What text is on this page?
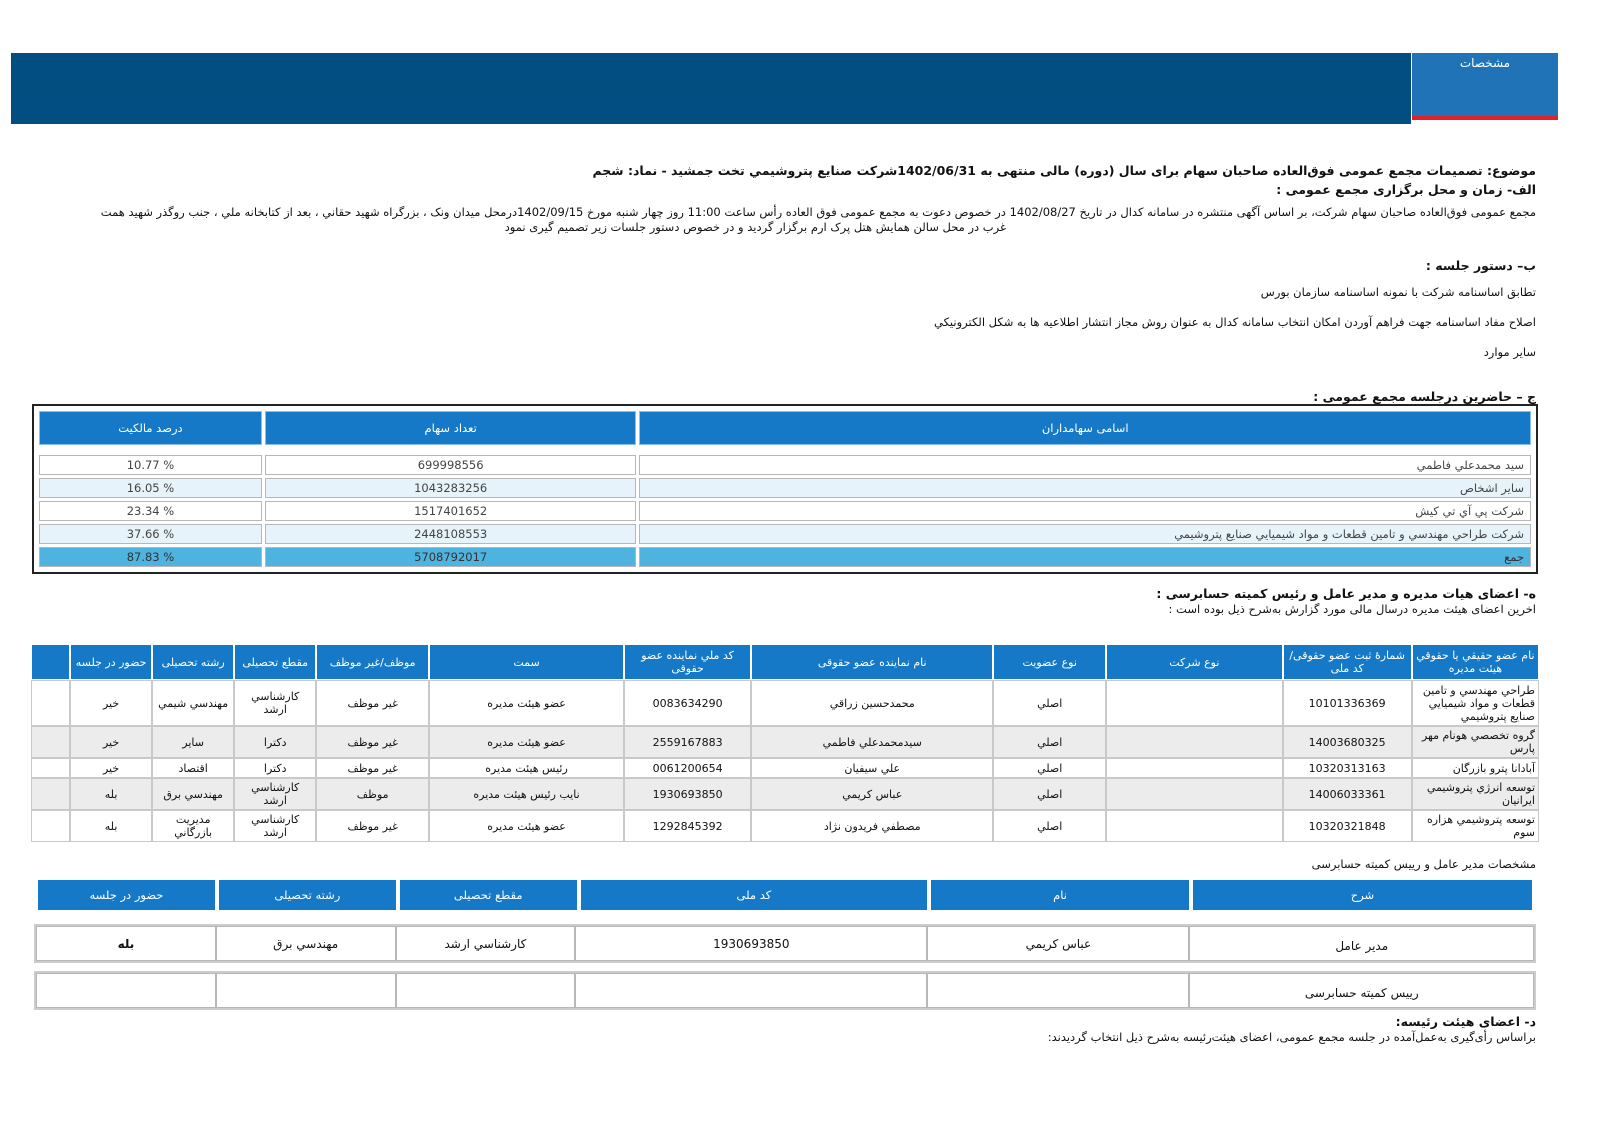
مشخصات
موضوع: تصميمات مجمع عمومی فوق‌العاده صاحبان سهام برای سال (دوره) مالی منتهی به 1402/06/31شرکت صنايع پتروشيمي تخت جمشيد - نماد: شجم
الف- زمان و محل برگزاری مجمع عمومی :
مجمع عمومی فوق‌العاده صاحبان سهام شرکت، بر اساس آگهی منتشره در سامانه کدال در تاريخ 1402/08/27 در خصوص دعوت به مجمع عمومی فوق العاده رأس ساعت 11:00 روز چهار شنبه مورخ 1402/09/15درمحل ميدان ونک ، بزرگراه شهيد حقاني ، بعد از کتابخانه ملي ، جنب روگذر شهيد همت
غرب در محل سالن همايش هتل پرک ارم برگزار گرديد و در خصوص دستور جلسات زير تصميم گيری نمود
ب– دستور جلسه :
تطابق اساسنامه شرکت با نمونه اساسنامه سازمان بورس
اصلاح مفاد اساسنامه جهت فراهم آوردن امکان انتخاب سامانه کدال به عنوان روش مجاز انتشار اطلاعيه ها به شکل الکترونيکي
ساير موارد
ج – حاضرين درجلسه مجمع عمومی :
اسامی سهامداران	تعداد سهام	درصد مالکيت

سيد محمدعلي فاطمي	699998556	% 10.77
ساير اشخاص	1043283256	% 16.05
شرکت پي آي تي کيش	1517401652	% 23.34
شرکت طراحي مهندسي و تامين قطعات و مواد شيميايي صنايع پتروشيمي	2448108553	% 37.66
جمع	5708792017	% 87.83
ه- اعضای هيات مديره و مدير عامل و رئيس کميته حسابرسی :
اخرين اعضای هيئت مديره درسال مالی مورد گزارش به‌شرح ذيل بوده است :
نام عضو حقيقي يا حقوقي هيئت مديره	شمارۀ ثبت عضو حقوقی/کد ملی	نوع شرکت	نوع عضويت	نام نماينده عضو حقوقی	کد ملي نماينده عضو حقوقی	سمت	موظف/غير موظف	مقطع تحصيلی	رشته تحصيلی	حضور در جلسه	
طراحي مهندسي و تامين قطعات و مواد شيميايي صنايع پتروشيمي	10101336369		اصلي	محمدحسين زراقي	0083634290	عضو هيئت مديره	غير موظف	کارشناسي ارشد	مهندسي شيمي	خير	
گروه تخصصي هونام مهر پارس	14003680325		اصلي	سيدمحمدعلي فاطمي	2559167883	عضو هيئت مديره	غير موظف	دکترا	ساير	خير	
آبادانا پترو بازرگان	10320313163		اصلي	علي سيفيان	0061200654	رئيس هيئت مديره	غير موظف	دکترا	اقتصاد	خير	
توسعه انرژي پتروشيمي ايرانيان	14006033361		اصلي	عباس کريمي	1930693850	نايب رئيس هيئت مديره	موظف	کارشناسي ارشد	مهندسي برق	بله	
توسعه پتروشيمي هزاره سوم	10320321848		اصلي	مصطفي فريدون نژاد	1292845392	عضو هيئت مديره	غير موظف	کارشناسي ارشد	مديريت بازرگاني	بله	
مشخصات مدير عامل و رييس کميته حسابرسی
شرح	نام	کد ملی	مقطع تحصيلی	رشته تحصيلی	حضور در جلسه
مدير عامل	عباس کريمي	1930693850	کارشناسي ارشد	مهندسي برق	بله
رييس کميته حسابرسی					
د- اعضای هيئت رئيسه:
براساس رأی‌گيری به‌عمل‌آمده در جلسه مجمع عمومی، اعضای هيئت‌رئيسه به‌شرح ذيل انتخاب گرديدند:
